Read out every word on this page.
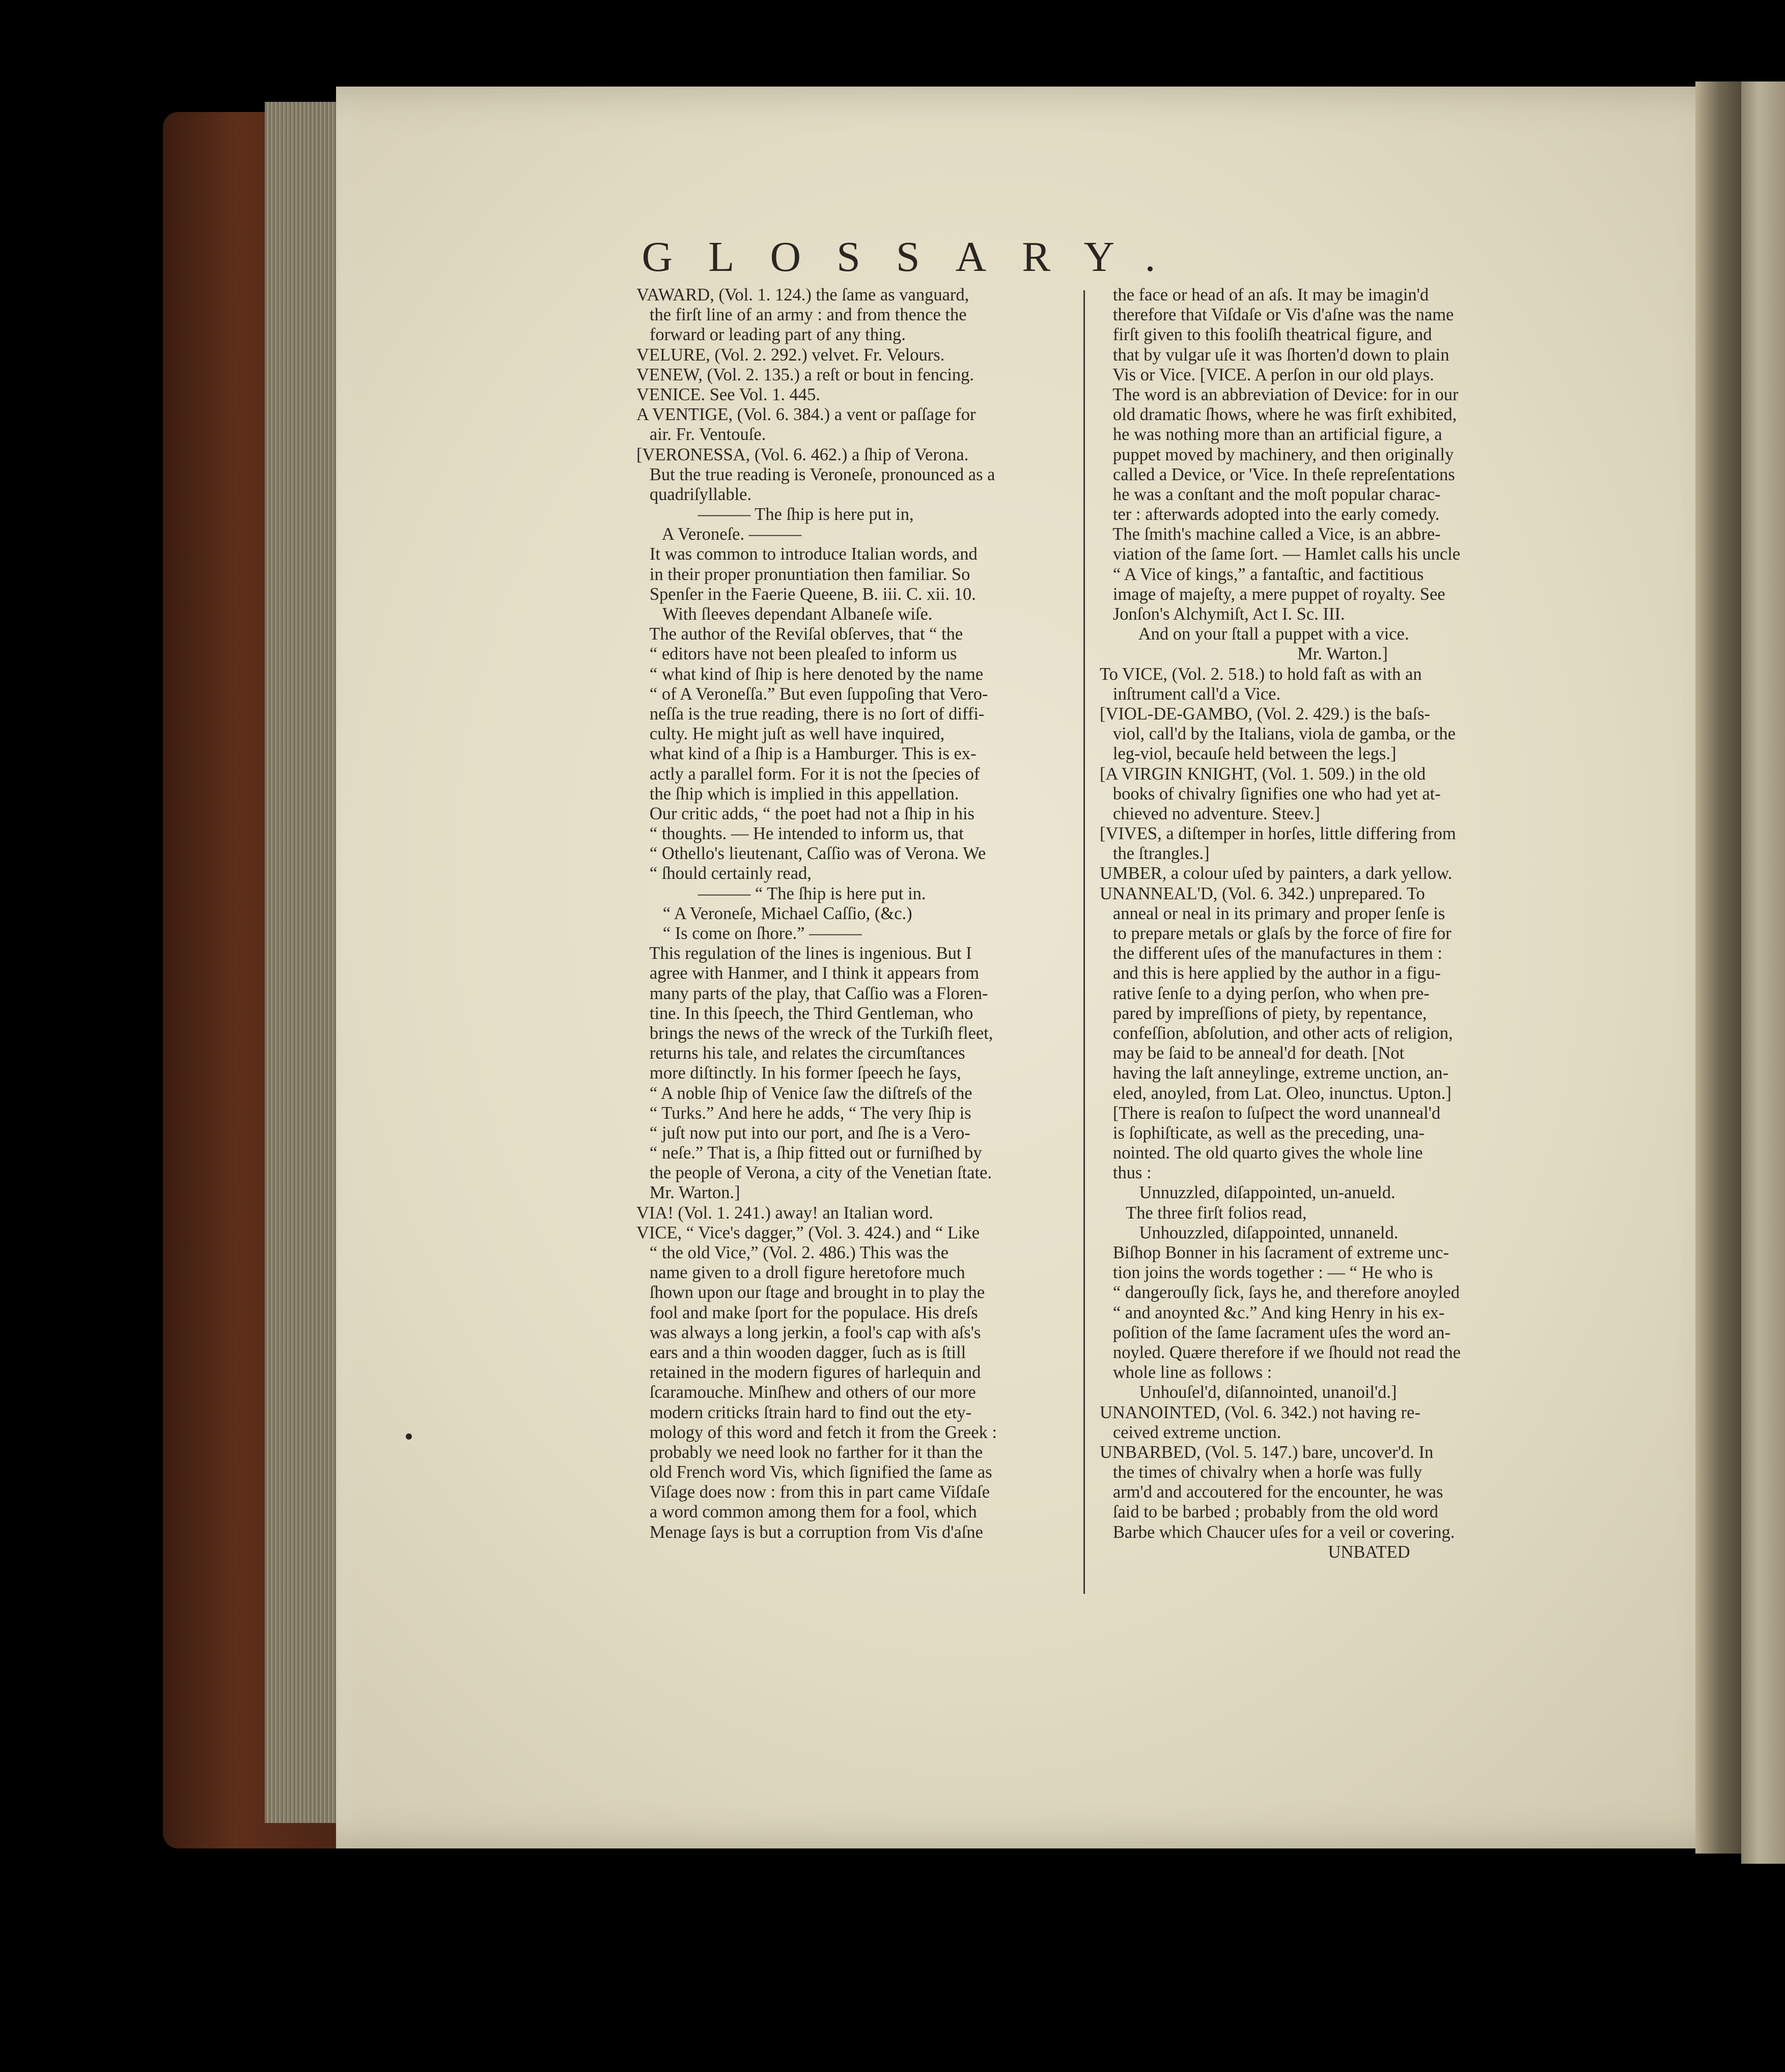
GLOSSARY.
VAWARD, (Vol. 1. 124.) the ſame as vanguard,
the firſt line of an army : and from thence the
forward or leading part of any thing.
VELURE, (Vol. 2. 292.) velvet. Fr. Velours.
VENEW, (Vol. 2. 135.) a reſt or bout in fencing.
VENICE. See Vol. 1. 445.
A VENTIGE, (Vol. 6. 384.) a vent or paſſage for
air. Fr. Ventouſe.
[VERONESSA, (Vol. 6. 462.) a ſhip of Verona.
But the true reading is Veroneſe, pronounced as a
quadriſyllable.
——— The ſhip is here put in,
A Veroneſe. ———
It was common to introduce Italian words, and
in their proper pronuntiation then familiar. So
Spenſer in the Faerie Queene, B. iii. C. xii. 10.
With ſleeves dependant Albaneſe wiſe.
The author of the Reviſal obſerves, that “ the
“ editors have not been pleaſed to inform us
“ what kind of ſhip is here denoted by the name
“ of A Veroneſſa.” But even ſuppoſing that Vero-
neſſa is the true reading, there is no ſort of diffi-
culty. He might juſt as well have inquired,
what kind of a ſhip is a Hamburger. This is ex-
actly a parallel form. For it is not the ſpecies of
the ſhip which is implied in this appellation.
Our critic adds, “ the poet had not a ſhip in his
“ thoughts. — He intended to inform us, that
“ Othello's lieutenant, Caſſio was of Verona. We
“ ſhould certainly read,
——— “ The ſhip is here put in.
“ A Veroneſe, Michael Caſſio, (&c.)
“ Is come on ſhore.” ———
This regulation of the lines is ingenious. But I
agree with Hanmer, and I think it appears from
many parts of the play, that Caſſio was a Floren-
tine. In this ſpeech, the Third Gentleman, who
brings the news of the wreck of the Turkiſh fleet,
returns his tale, and relates the circumſtances
more diſtinctly. In his former ſpeech he ſays,
“ A noble ſhip of Venice ſaw the diſtreſs of the
“ Turks.” And here he adds, “ The very ſhip is
“ juſt now put into our port, and ſhe is a Vero-
“ neſe.” That is, a ſhip fitted out or furniſhed by
the people of Verona, a city of the Venetian ſtate.
Mr. Warton.]
VIA! (Vol. 1. 241.) away! an Italian word.
VICE, “ Vice's dagger,” (Vol. 3. 424.) and “ Like
“ the old Vice,” (Vol. 2. 486.) This was the
name given to a droll figure heretofore much
ſhown upon our ſtage and brought in to play the
fool and make ſport for the populace. His dreſs
was always a long jerkin, a fool's cap with aſs's
ears and a thin wooden dagger, ſuch as is ſtill
retained in the modern figures of harlequin and
ſcaramouche. Minſhew and others of our more
modern criticks ſtrain hard to find out the ety-
mology of this word and fetch it from the Greek :
probably we need look no farther for it than the
old French word Vis, which ſignified the ſame as
Viſage does now : from this in part came Viſdaſe
a word common among them for a fool, which
Menage ſays is but a corruption from Vis d'aſne
the face or head of an aſs. It may be imagin'd
therefore that Viſdaſe or Vis d'aſne was the name
firſt given to this fooliſh theatrical figure, and
that by vulgar uſe it was ſhorten'd down to plain
Vis or Vice. [VICE. A perſon in our old plays.
The word is an abbreviation of Device: for in our
old dramatic ſhows, where he was firſt exhibited,
he was nothing more than an artificial figure, a
puppet moved by machinery, and then originally
called a Device, or 'Vice. In theſe repreſentations
he was a conſtant and the moſt popular charac-
ter : afterwards adopted into the early comedy.
The ſmith's machine called a Vice, is an abbre-
viation of the ſame ſort. — Hamlet calls his uncle
“ A Vice of kings,” a fantaſtic, and factitious
image of majeſty, a mere puppet of royalty. See
Jonſon's Alchymiſt, Act I. Sc. III.
And on your ſtall a puppet with a vice.
Mr. Warton.]
To VICE, (Vol. 2. 518.) to hold faſt as with an
inſtrument call'd a Vice.
[VIOL-DE-GAMBO, (Vol. 2. 429.) is the baſs-
viol, call'd by the Italians, viola de gamba, or the
leg-viol, becauſe held between the legs.]
[A VIRGIN KNIGHT, (Vol. 1. 509.) in the old
books of chivalry ſignifies one who had yet at-
chieved no adventure. Steev.]
[VIVES, a diſtemper in horſes, little differing from
the ſtrangles.]
UMBER, a colour uſed by painters, a dark yellow.
UNANNEAL'D, (Vol. 6. 342.) unprepared. To
anneal or neal in its primary and proper ſenſe is
to prepare metals or glaſs by the force of fire for
the different uſes of the manufactures in them :
and this is here applied by the author in a figu-
rative ſenſe to a dying perſon, who when pre-
pared by impreſſions of piety, by repentance,
confeſſion, abſolution, and other acts of religion,
may be ſaid to be anneal'd for death. [Not
having the laſt anneylinge, extreme unction, an-
eled, anoyled, from Lat. Oleo, inunctus. Upton.]
[There is reaſon to ſuſpect the word unanneal'd
is ſophiſticate, as well as the preceding, una-
nointed. The old quarto gives the whole line
thus :
Unnuzzled, diſappointed, un-anueld.
The three firſt folios read,
Unhouzzled, diſappointed, unnaneld.
Biſhop Bonner in his ſacrament of extreme unc-
tion joins the words together : — “ He who is
“ dangerouſly ſick, ſays he, and therefore anoyled
“ and anoynted &c.” And king Henry in his ex-
poſition of the ſame ſacrament uſes the word an-
noyled. Quære therefore if we ſhould not read the
whole line as follows :
Unhouſel'd, diſannointed, unanoil'd.]
UNANOINTED, (Vol. 6. 342.) not having re-
ceived extreme unction.
UNBARBED, (Vol. 5. 147.) bare, uncover'd. In
the times of chivalry when a horſe was fully
arm'd and accoutered for the encounter, he was
ſaid to be barbed ; probably from the old word
Barbe which Chaucer uſes for a veil or covering.
UNBATED
